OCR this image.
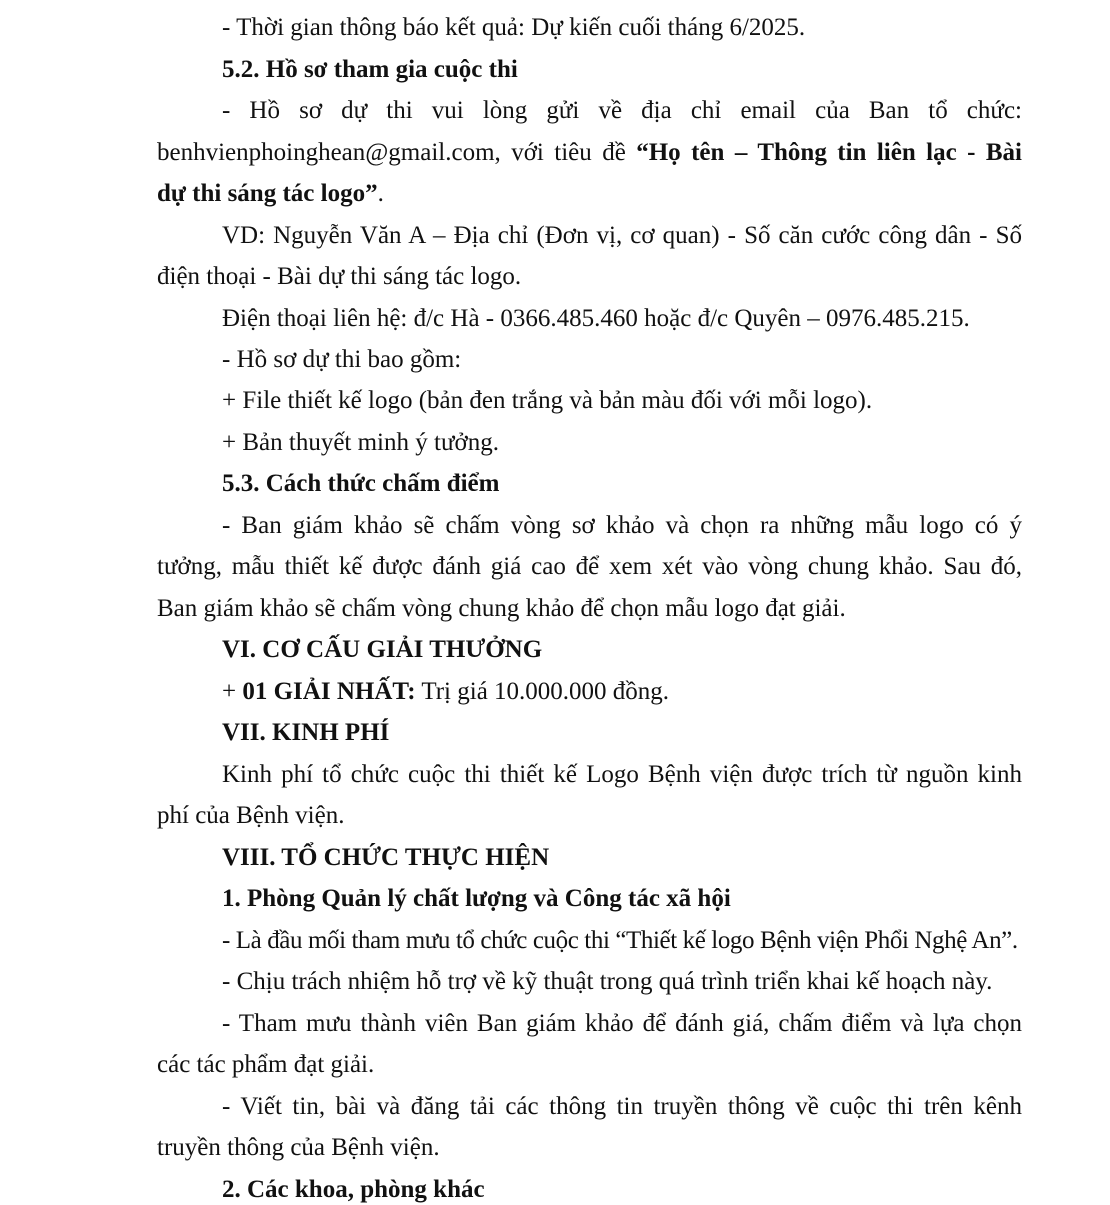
- Thời gian thông báo kết quả: Dự kiến cuối tháng 6/2025.
5.2. Hồ sơ tham gia cuộc thi
- Hồ sơ dự thi vui lòng gửi về địa chỉ email của Ban tổ chức:
benhvienphoinghean@gmail.com, với tiêu đề “Họ tên – Thông tin liên lạc - Bài
dự thi sáng tác logo”.
VD: Nguyễn Văn A – Địa chỉ (Đơn vị, cơ quan) - Số căn cước công dân - Số
điện thoại - Bài dự thi sáng tác logo.
Điện thoại liên hệ: đ/c Hà - 0366.485.460 hoặc đ/c Quyên – 0976.485.215.
- Hồ sơ dự thi bao gồm:
+ File thiết kế logo (bản đen trắng và bản màu đối với mỗi logo).
+ Bản thuyết minh ý tưởng.
5.3. Cách thức chấm điểm
- Ban giám khảo sẽ chấm vòng sơ khảo và chọn ra những mẫu logo có ý
tưởng, mẫu thiết kế được đánh giá cao để xem xét vào vòng chung khảo. Sau đó,
Ban giám khảo sẽ chấm vòng chung khảo để chọn mẫu logo đạt giải.
VI. CƠ CẤU GIẢI THƯỞNG
+ 01 GIẢI NHẤT: Trị giá 10.000.000 đồng.
VII. KINH PHÍ
Kinh phí tổ chức cuộc thi thiết kế Logo Bệnh viện được trích từ nguồn kinh
phí của Bệnh viện.
VIII. TỔ CHỨC THỰC HIỆN
1. Phòng Quản lý chất lượng và Công tác xã hội
- Là đầu mối tham mưu tổ chức cuộc thi “Thiết kế logo Bệnh viện Phổi Nghệ An”.
- Chịu trách nhiệm hỗ trợ về kỹ thuật trong quá trình triển khai kế hoạch này.
- Tham mưu thành viên Ban giám khảo để đánh giá, chấm điểm và lựa chọn
các tác phẩm đạt giải.
- Viết tin, bài và đăng tải các thông tin truyền thông về cuộc thi trên kênh
truyền thông của Bệnh viện.
2. Các khoa, phòng khác
